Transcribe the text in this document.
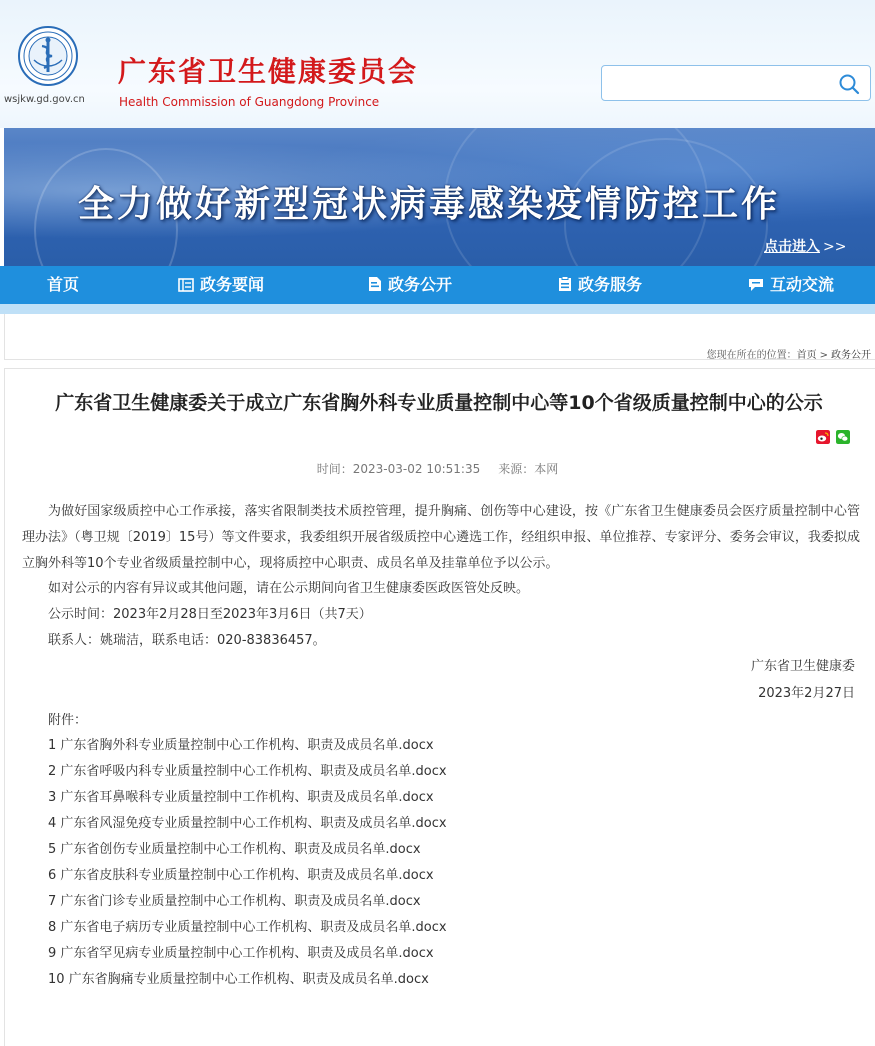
wsjkw.gd.gov.cn
广东省卫生健康委员会
Health Commission of Guangdong Province
全力做好新型冠状病毒感染疫情防控工作
点击进入 >>
首页	政务要闻	政务公开	政务服务	互动交流
您现在所在的位置：首页 > 政务公开
广东省卫生健康委关于成立广东省胸外科专业质量控制中心等10个省级质量控制中心的公示
时间：2023-03-02 10:51:35 来源：本网
为做好国家级质控中心工作承接，落实省限制类技术质控管理，提升胸痛、创伤等中心建设，按《广东省卫生健康委员会医疗质量控制中心管理办法》（粤卫规〔2019〕15号）等文件要求，我委组织开展省级质控中心遴选工作，经组织申报、单位推荐、专家评分、委务会审议，我委拟成立胸外科等10个专业省级质量控制中心，现将质控中心职责、成员名单及挂靠单位予以公示。
如对公示的内容有异议或其他问题，请在公示期间向省卫生健康委医政医管处反映。
公示时间：2023年2月28日至2023年3月6日（共7天）
联系人：姚瑞洁，联系电话：020-83836457。
广东省卫生健康委
2023年2月27日
附件：
1 广东省胸外科专业质量控制中心工作机构、职责及成员名单.docx
2 广东省呼吸内科专业质量控制中心工作机构、职责及成员名单.docx
3 广东省耳鼻喉科专业质量控制中工作机构、职责及成员名单.docx
4 广东省风湿免疫专业质量控制中心工作机构、职责及成员名单.docx
5 广东省创伤专业质量控制中心工作机构、职责及成员名单.docx
6 广东省皮肤科专业质量控制中心工作机构、职责及成员名单.docx
7 广东省门诊专业质量控制中心工作机构、职责及成员名单.docx
8 广东省电子病历专业质量控制中心工作机构、职责及成员名单.docx
9 广东省罕见病专业质量控制中心工作机构、职责及成员名单.docx
10 广东省胸痛专业质量控制中心工作机构、职责及成员名单.docx
